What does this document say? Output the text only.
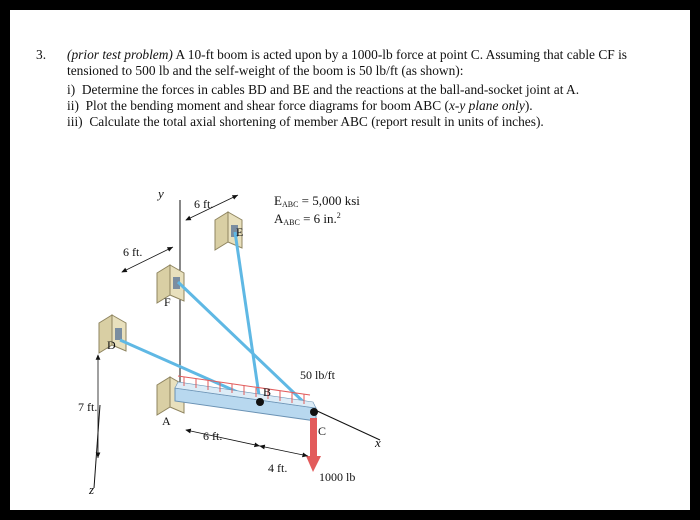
3. (prior test problem) A 10-ft boom is acted upon by a 1000-lb force at point C. Assuming that cable CF is tensioned to 500 lb and the self-weight of the boom is 50 lb/ft (as shown):

i) Determine the forces in cables BD and BE and the reactions at the ball-and-socket joint at A.

ii) Plot the bending moment and shear force diagrams for boom ABC (x-y plane only).

iii) Calculate the total axial shortening of member ABC (report result in units of inches).

y
x
z
E
F
D
B
C
A
6 ft.
6 ft.
7 ft.
6 ft.
4 ft.
50 lb/ft
1000 lb
EABC = 5,000 ksi
AABC = 6 in.$^2$
